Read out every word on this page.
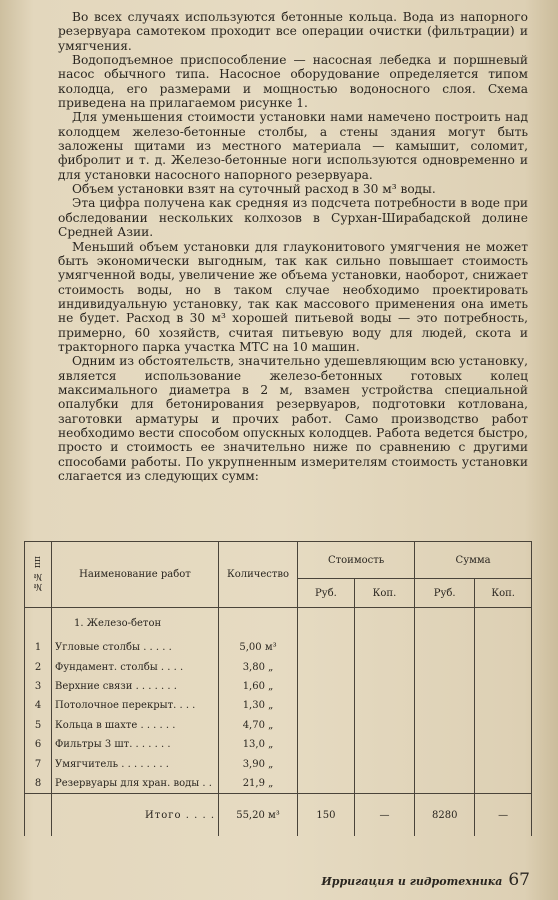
Во всех случаях используются бетонные кольца. Вода из напорного резервуара самотеком проходит все операции очистки (фильтрации) и умягчения.

Водоподъемное приспособление — насосная лебедка и поршневый насос обычного типа. Насосное оборудование определяется типом колодца, его размерами и мощностью водоносного слоя. Схема приведена на прилагаемом рисунке 1.

Для уменьшения стоимости установки нами намечено построить над колодцем железо-бетонные столбы, а стены здания могут быть заложены щитами из местного материала — камышит, соломит, фибролит и т. д. Железо-бетонные ноги используются одновременно и для установки насосного напорного резервуара.

Объем установки взят на суточный расход в 30 м³ воды.

Эта цифра получена как средняя из подсчета потребности в воде при обследовании нескольких колхозов в Сурхан-Ширабадской долине Средней Азии.

Меньший объем установки для глауконитового умягчения не может быть экономически выгодным, так как сильно повышает стоимость умягченной воды, увеличение же объема установки, наоборот, снижает стоимость воды, но в таком случае необходимо проектировать индивидуальную установку, так как массового применения она иметь не будет. Расход в 30 м³ хорошей питьевой воды — это потребность, примерно, 60 хозяйств, считая питьевую воду для людей, скота и тракторного парка участка МТС на 10 машин.

Одним из обстоятельств, значительно удешевляющим всю установку, является использование железо-бетонных готовых колец максимального диаметра в 2 м, взамен устройства специальной опалубки для бетонирования резервуаров, подготовки котлована, заготовки арматуры и прочих работ. Само производство работ необходимо вести способом опускных колодцев. Работа ведется быстро, просто и стоимость ее значительно ниже по сравнению с другими способами работы. По укрупненным измерителям стоимость установки слагается из следующих сумм:

№№ пп	Наименование работ	Количество	Стоимость		Сумма	
			Руб.	Коп.	Руб.	Коп.
	1. Железо-бетон					
1	Угловые столбы . . . . .	5,00 м³				
2	Фундамент. столбы . . . .	3,80 „				
3	Верхние связи . . . . . . .	1,60 „				
4	Потолочное перекрыт. . . .	1,30 „				
5	Кольца в шахте . . . . . .	4,70 „				
6	Фильтры 3 шт. . . . . . .	13,0 „				
7	Умягчитель . . . . . . . .	3,90 „				
8	Резервуары для хран. воды . .	21,9 „				
	Итого . . . .	55,20 м³	150	—	8280	—
Ирригация и гидротехника 67
